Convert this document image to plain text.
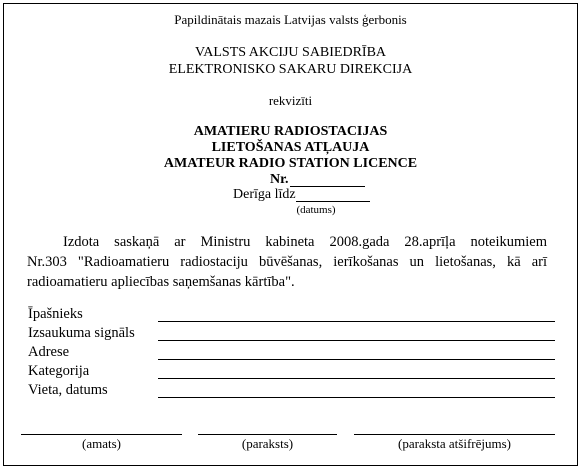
Papildinātais mazais Latvijas valsts ģerbonis
VALSTS AKCIJU SABIEDRĪBA
ELEKTRONISKO SAKARU DIREKCIJA
rekvizīti
AMATIERU RADIOSTACIJAS
LIETOŠANAS ATĻAUJA
AMATEUR RADIO STATION LICENCE
Nr.
Derīga līdz
(datums)
Izdota saskaņā ar Ministru kabineta 2008.gada 28.aprīļa noteikumiem
Nr.303 "Radioamatieru radiostaciju būvēšanas, ierīkošanas un lietošanas, kā arī
radioamatieru apliecības saņemšanas kārtība".
Īpašnieks
Izsaukuma signāls
Adrese
Kategorija
Vieta, datums
(amats)	(paraksts)	(paraksta atšifrējums)
